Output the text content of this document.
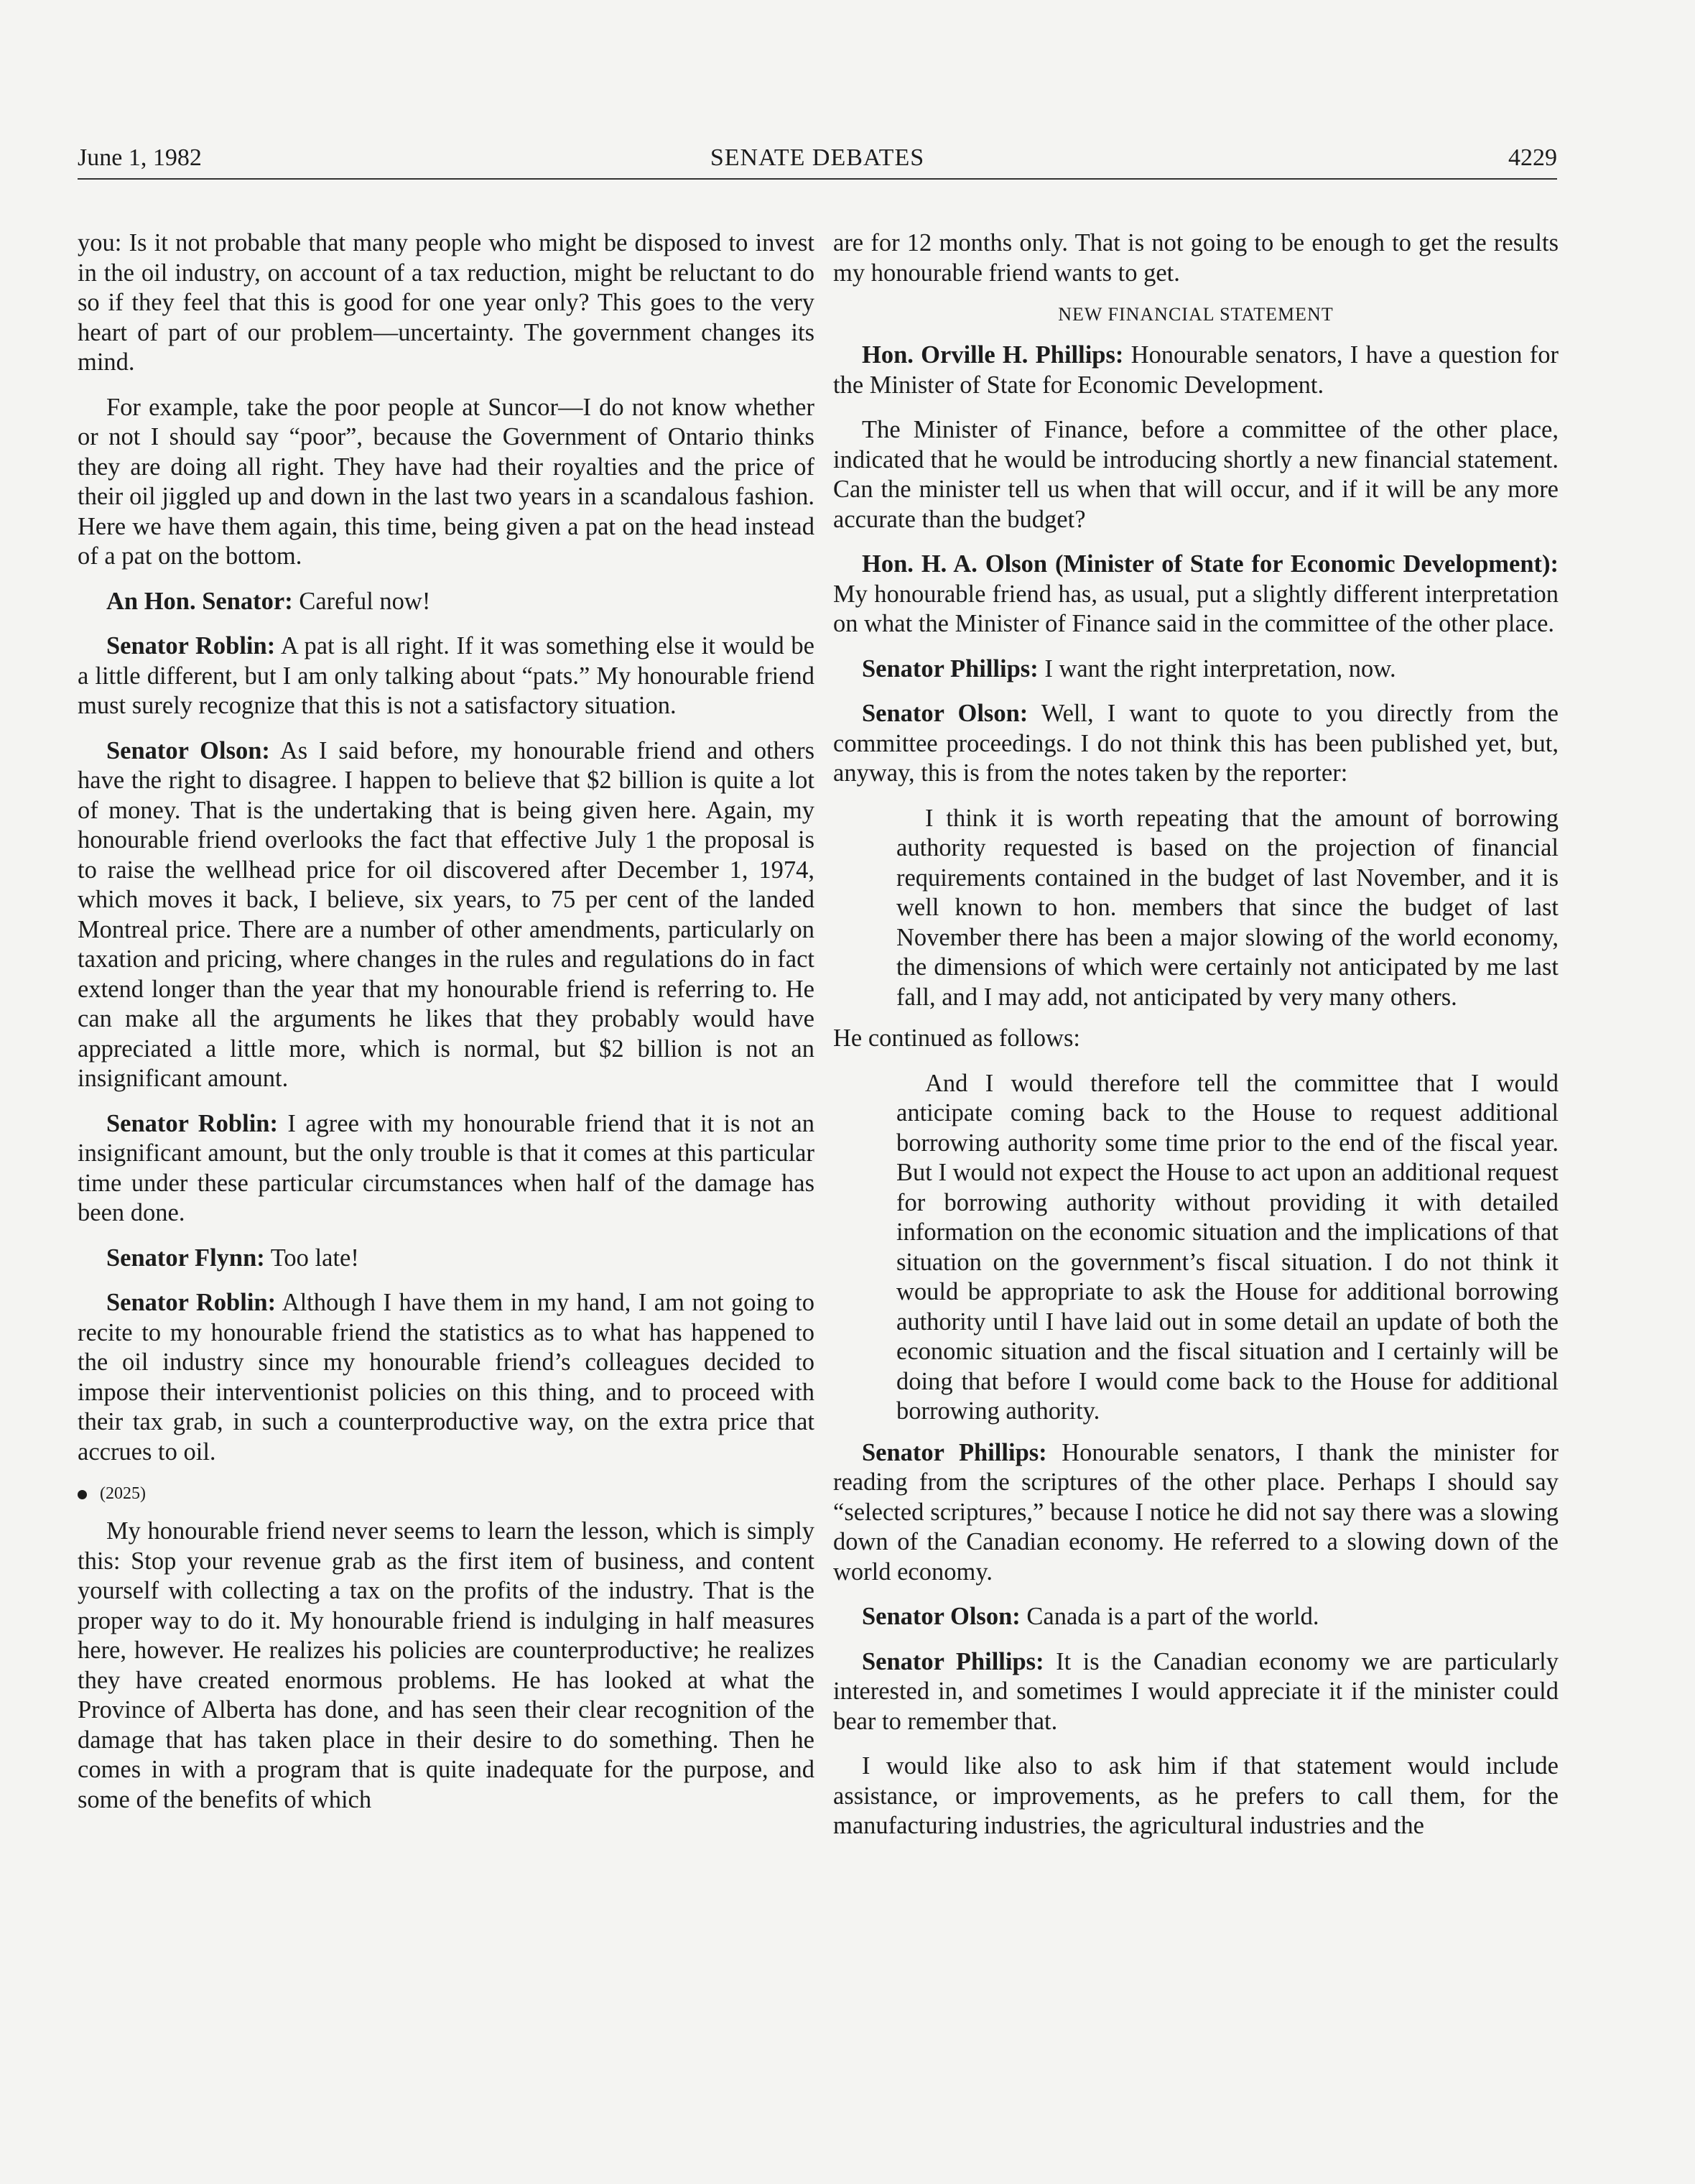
June 1, 1982	SENATE DEBATES	4229

you: Is it not probable that many people who might be disposed to invest in the oil industry, on account of a tax reduction, might be reluctant to do so if they feel that this is good for one year only? This goes to the very heart of part of our problem—uncertainty. The government changes its mind.

For example, take the poor people at Suncor—I do not know whether or not I should say “poor”, because the Government of Ontario thinks they are doing all right. They have had their royalties and the price of their oil jiggled up and down in the last two years in a scandalous fashion. Here we have them again, this time, being given a pat on the head instead of a pat on the bottom.

An Hon. Senator: Careful now!

Senator Roblin: A pat is all right. If it was something else it would be a little different, but I am only talking about “pats.” My honourable friend must surely recognize that this is not a satisfactory situation.

Senator Olson: As I said before, my honourable friend and others have the right to disagree. I happen to believe that $2 billion is quite a lot of money. That is the undertaking that is being given here. Again, my honourable friend overlooks the fact that effective July 1 the proposal is to raise the wellhead price for oil discovered after December 1, 1974, which moves it back, I believe, six years, to 75 per cent of the landed Montreal price. There are a number of other amendments, particularly on taxation and pricing, where changes in the rules and regulations do in fact extend longer than the year that my honourable friend is referring to. He can make all the arguments he likes that they probably would have appreciated a little more, which is normal, but $2 billion is not an insignificant amount.

Senator Roblin: I agree with my honourable friend that it is not an insignificant amount, but the only trouble is that it comes at this particular time under these particular circumstances when half of the damage has been done.

Senator Flynn: Too late!

Senator Roblin: Although I have them in my hand, I am not going to recite to my honourable friend the statistics as to what has happened to the oil industry since my honourable friend’s colleagues decided to impose their interventionist policies on this thing, and to proceed with their tax grab, in such a counterproductive way, on the extra price that accrues to oil.

(2025)

My honourable friend never seems to learn the lesson, which is simply this: Stop your revenue grab as the first item of business, and content yourself with collecting a tax on the profits of the industry. That is the proper way to do it. My honourable friend is indulging in half measures here, however. He realizes his policies are counterproductive; he realizes they have created enormous problems. He has looked at what the Province of Alberta has done, and has seen their clear recognition of the damage that has taken place in their desire to do something. Then he comes in with a program that is quite inadequate for the purpose, and some of the benefits of which

are for 12 months only. That is not going to be enough to get the results my honourable friend wants to get.

NEW FINANCIAL STATEMENT

Hon. Orville H. Phillips: Honourable senators, I have a question for the Minister of State for Economic Development.

The Minister of Finance, before a committee of the other place, indicated that he would be introducing shortly a new financial statement. Can the minister tell us when that will occur, and if it will be any more accurate than the budget?

Hon. H. A. Olson (Minister of State for Economic Development): My honourable friend has, as usual, put a slightly different interpretation on what the Minister of Finance said in the committee of the other place.

Senator Phillips: I want the right interpretation, now.

Senator Olson: Well, I want to quote to you directly from the committee proceedings. I do not think this has been published yet, but, anyway, this is from the notes taken by the reporter:

I think it is worth repeating that the amount of borrowing authority requested is based on the projection of financial requirements contained in the budget of last November, and it is well known to hon. members that since the budget of last November there has been a major slowing of the world economy, the dimensions of which were certainly not anticipated by me last fall, and I may add, not anticipated by very many others.

He continued as follows:

And I would therefore tell the committee that I would anticipate coming back to the House to request additional borrowing authority some time prior to the end of the fiscal year. But I would not expect the House to act upon an additional request for borrowing authority without providing it with detailed information on the economic situation and the implications of that situation on the government’s fiscal situation. I do not think it would be appropriate to ask the House for additional borrowing authority until I have laid out in some detail an update of both the economic situation and the fiscal situation and I certainly will be doing that before I would come back to the House for additional borrowing authority.

Senator Phillips: Honourable senators, I thank the minister for reading from the scriptures of the other place. Perhaps I should say “selected scriptures,” because I notice he did not say there was a slowing down of the Canadian economy. He referred to a slowing down of the world economy.

Senator Olson: Canada is a part of the world.

Senator Phillips: It is the Canadian economy we are particularly interested in, and sometimes I would appreciate it if the minister could bear to remember that.

I would like also to ask him if that statement would include assistance, or improvements, as he prefers to call them, for the manufacturing industries, the agricultural industries and the
